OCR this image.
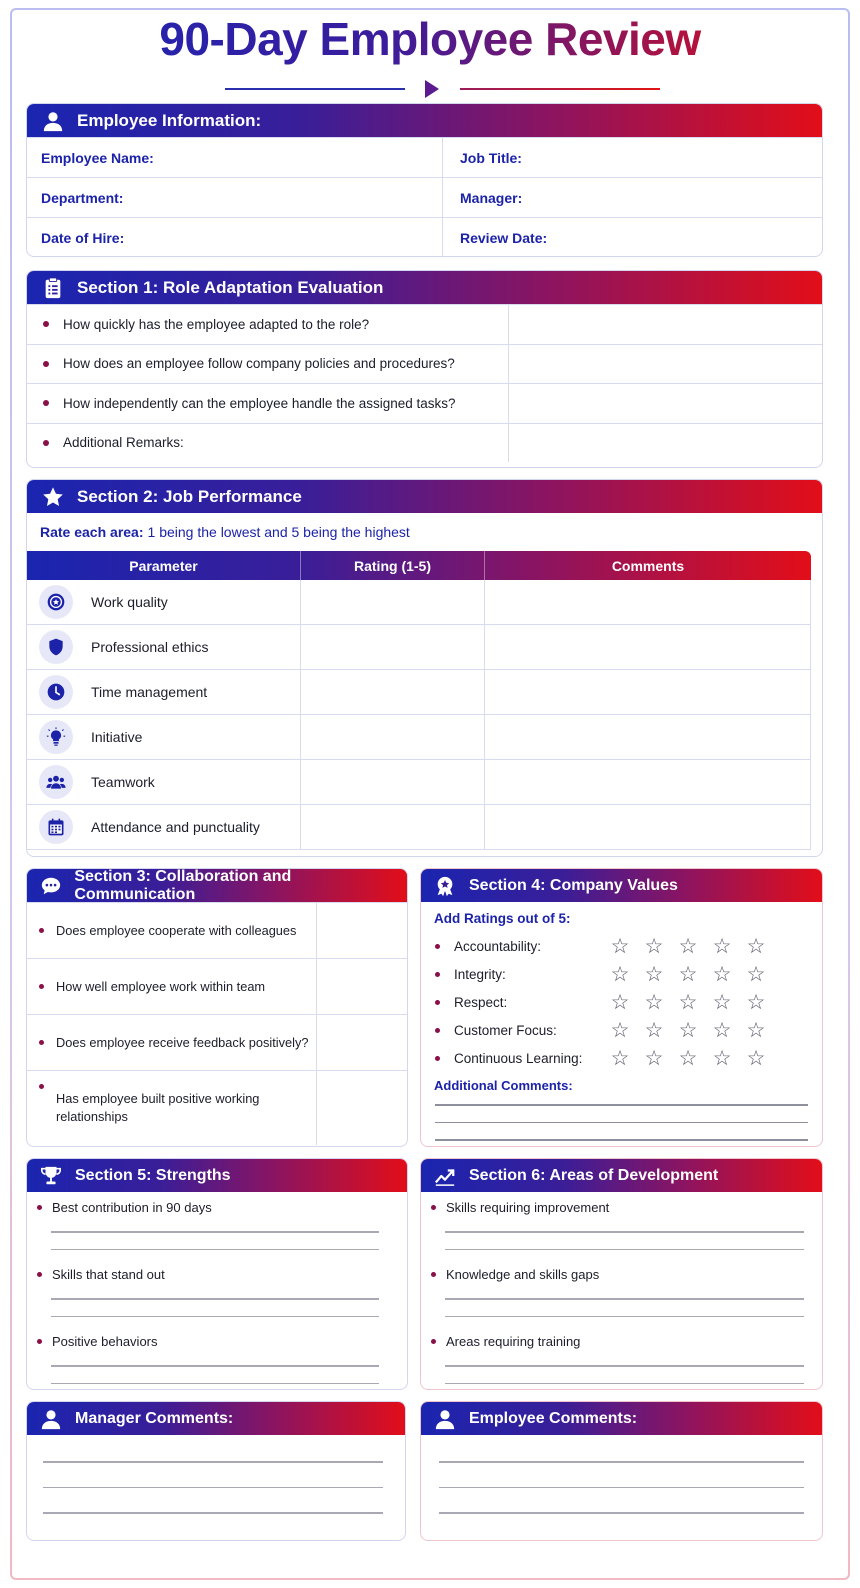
90-Day Employee Review
Employee Information:
Employee Name:	Job Title:
Department:	Manager:
Date of Hire:	Review Date:
Section 1: Role Adaptation Evaluation
How quickly has the employee adapted to the role?
How does an employee follow company policies and procedures?
How independently can the employee handle the assigned tasks?
Additional Remarks:
Section 2: Job Performance
Rate each area: 1 being the lowest and 5 being the highest
Parameter	Rating (1-5)	Comments
Work quality
Professional ethics
Time management
Initiative
Teamwork
Attendance and punctuality
Section 3: Collaboration and Communication
Does employee cooperate with colleagues
How well employee work within team
Does employee receive feedback positively?
Has employee built positive working relationships
Section 4: Company Values
Add Ratings out of 5:
Accountability:	☆ ☆ ☆ ☆ ☆
Integrity:	☆ ☆ ☆ ☆ ☆
Respect:	☆ ☆ ☆ ☆ ☆
Customer Focus:	☆ ☆ ☆ ☆ ☆
Continuous Learning: ☆ ☆ ☆ ☆ ☆
Additional Comments:
Section 5: Strengths
Best contribution in 90 days
Skills that stand out
Positive behaviors
Section 6: Areas of Development
Skills requiring improvement
Knowledge and skills gaps
Areas requiring training
Manager Comments:	Employee Comments:
